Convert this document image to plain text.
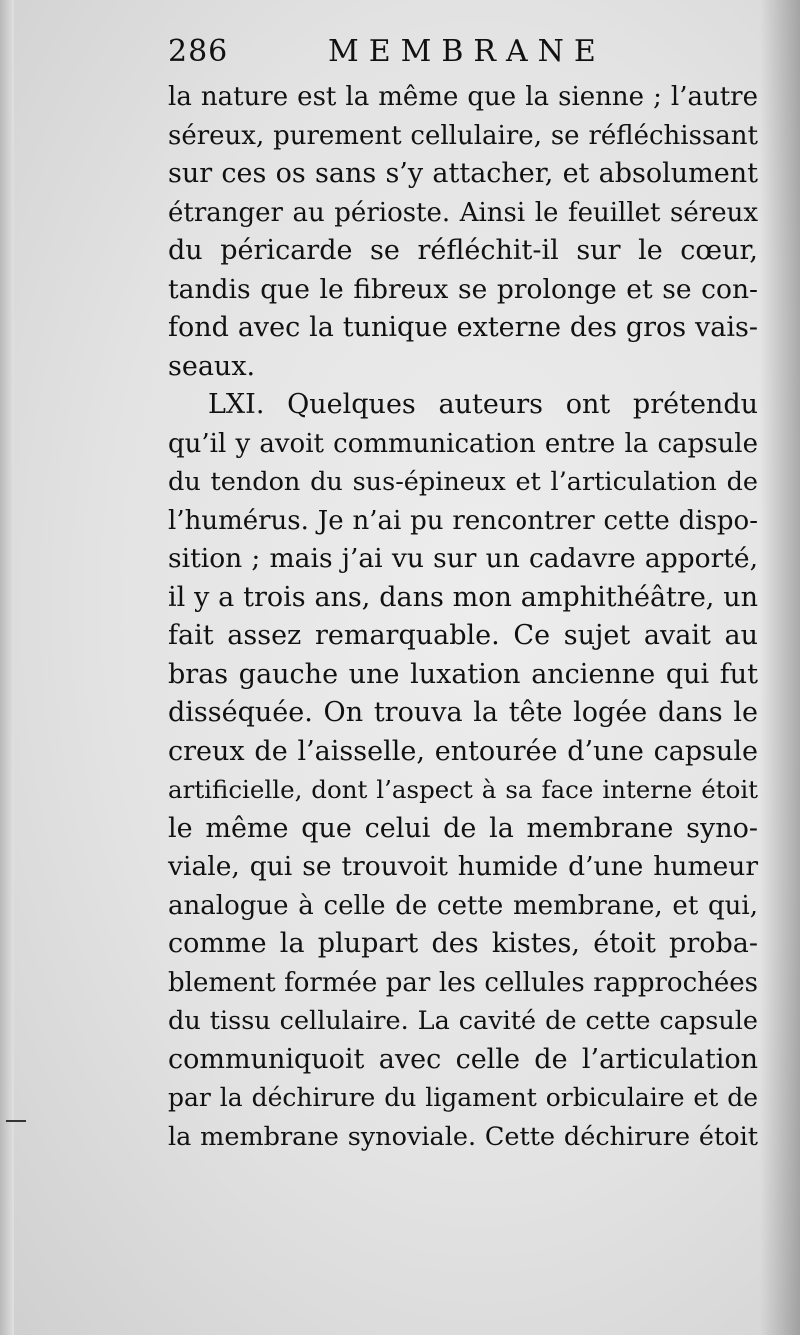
286	MEMBRANE
la nature est la même que la sienne ; l’autre
séreux, purement cellulaire, se réfléchissant
sur ces os sans s’y attacher, et absolument
étranger au périoste. Ainsi le feuillet séreux
du péricarde se réfléchit-il sur le cœur,
tandis que le fibreux se prolonge et se con-
fond avec la tunique externe des gros vais-
seaux.
LXI. Quelques auteurs ont prétendu
qu’il y avoit communication entre la capsule
du tendon du sus-épineux et l’articulation de
l’humérus. Je n’ai pu rencontrer cette dispo-
sition ; mais j’ai vu sur un cadavre apporté,
il y a trois ans, dans mon amphithéâtre, un
fait assez remarquable. Ce sujet avait au
bras gauche une luxation ancienne qui fut
disséquée. On trouva la tête logée dans le
creux de l’aisselle, entourée d’une capsule
artificielle, dont l’aspect à sa face interne étoit
le même que celui de la membrane syno-
viale, qui se trouvoit humide d’une humeur
analogue à celle de cette membrane, et qui,
comme la plupart des kistes, étoit proba-
blement formée par les cellules rapprochées
du tissu cellulaire. La cavité de cette capsule
communiquoit avec celle de l’articulation
par la déchirure du ligament orbiculaire et de
la membrane synoviale. Cette déchirure étoit
